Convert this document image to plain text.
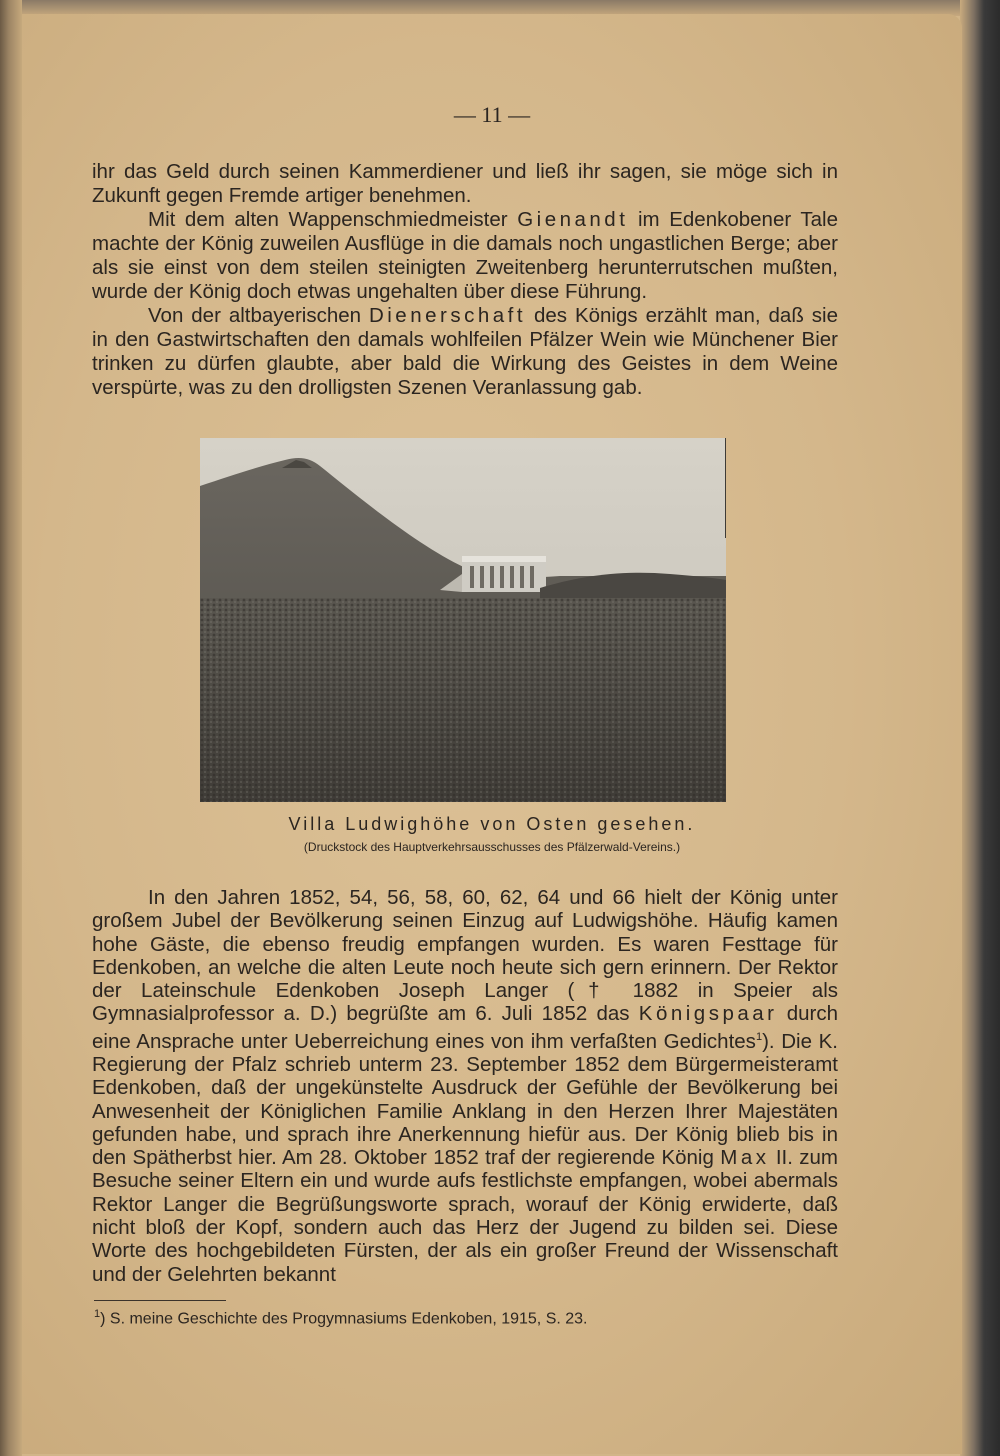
— 11 —

ihr das Geld durch seinen Kammerdiener und ließ ihr sagen, sie möge sich in Zukunft gegen Fremde artiger benehmen.

Mit dem alten Wappenschmiedmeister Gienandt im Edenkobener Tale machte der König zuweilen Ausflüge in die damals noch ungastlichen Berge; aber als sie einst von dem steilen steinigten Zweitenberg herunterrutschen mußten, wurde der König doch etwas ungehalten über diese Führung.

Von der altbayerischen Dienerschaft des Königs erzählt man, daß sie in den Gastwirtschaften den damals wohlfeilen Pfälzer Wein wie Münchener Bier trinken zu dürfen glaubte, aber bald die Wirkung des Geistes in dem Weine verspürte, was zu den drolligsten Szenen Veranlassung gab.

Villa Ludwighöhe von Osten gesehen.
(Druckstock des Hauptverkehrsausschusses des Pfälzerwald-Vereins.)

In den Jahren 1852, 54, 56, 58, 60, 62, 64 und 66 hielt der König unter großem Jubel der Bevölkerung seinen Einzug auf Ludwigshöhe. Häufig kamen hohe Gäste, die ebenso freudig empfangen wurden. Es waren Festtage für Edenkoben, an welche die alten Leute noch heute sich gern erinnern. Der Rektor der Lateinschule Edenkoben Joseph Langer († 1882 in Speier als Gymnasialprofessor a. D.) begrüßte am 6. Juli 1852 das Königspaar durch eine Ansprache unter Ueberreichung eines von ihm verfaßten Gedichtes$^1$). Die K. Regierung der Pfalz schrieb unterm 23. September 1852 dem Bürgermeisteramt Edenkoben, daß der ungekünstelte Ausdruck der Gefühle der Bevölkerung bei Anwesenheit der Königlichen Familie Anklang in den Herzen Ihrer Majestäten gefunden habe, und sprach ihre Anerkennung hiefür aus. Der König blieb bis in den Spätherbst hier. Am 28. Oktober 1852 traf der regierende König Max II. zum Besuche seiner Eltern ein und wurde aufs festlichste empfangen, wobei abermals Rektor Langer die Begrüßungsworte sprach, worauf der König erwiderte, daß nicht bloß der Kopf, sondern auch das Herz der Jugend zu bilden sei. Diese Worte des hochgebildeten Fürsten, der als ein großer Freund der Wissenschaft und der Gelehrten bekannt

$^1$) S. meine Geschichte des Progymnasiums Edenkoben, 1915, S. 23.
